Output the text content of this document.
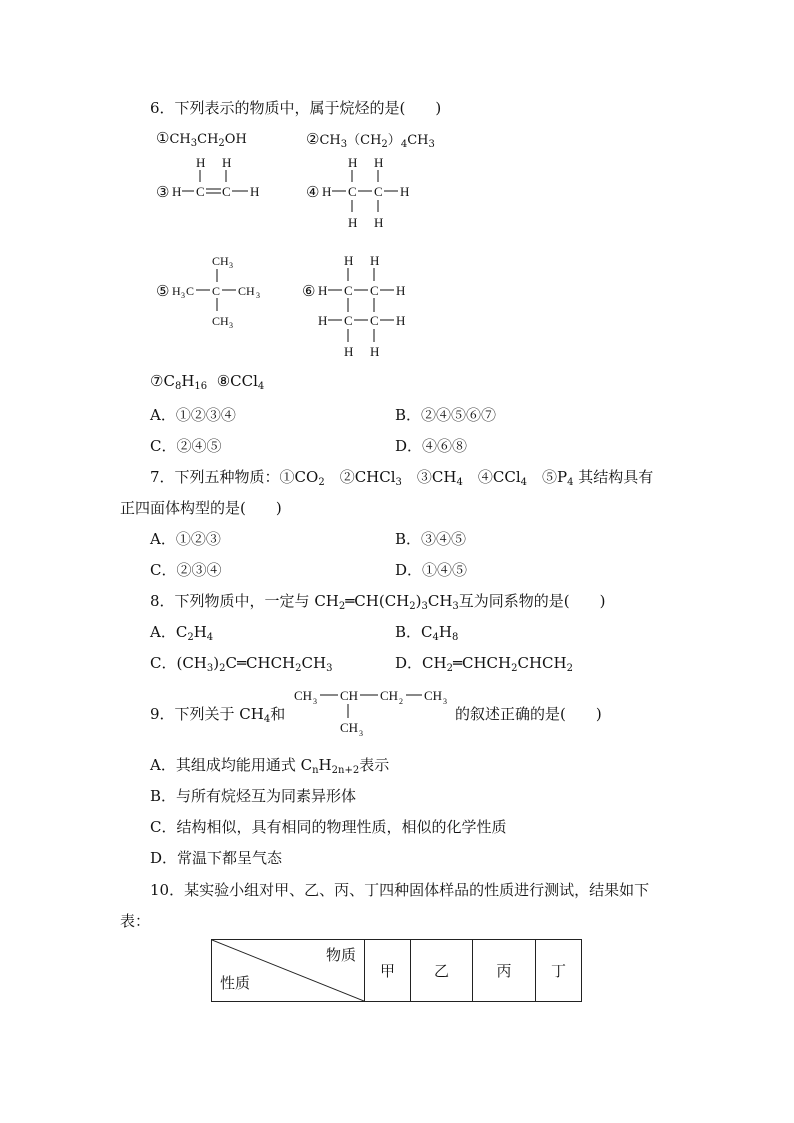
6．下列表示的物质中，属于烷烃的是(　　)
$①CH_3CH_2OH$	$②CH_3(CH_2)_4CH_3$
③
H H
H C C H	④
H H
H C C H
H H
⑤
CH 3
H 3 C C CH 3
CH 3
⑥
H H
H C C H
H C C H
H H
$⑦C_8H_{16}$ ⑧CCl$_4$
A．①②③④	B．②④⑤⑥⑦
C．②④⑤	D．④⑥⑧
7．下列五种物质：$①CO_2$　②CHCl$_3$　$③CH_4$　④CCl$_4$　$⑤P_4$ 其结构具有
正四面体构型的是(　　)
A．①②③	B．③④⑤
C．②③④	D．①④⑤
8．下列物质中，一定与 $CH_2═CH(CH_2)_3CH_3$互为同系物的是(　　)
A．$C_2H_4$	B．$C_4H_8$
C．$(CH_3)_2C═CHCH_2CH_3$	D．$CH_2═CHCH_2CHCH_2$
9．下列关于 $CH_4$和
CH 3 CH CH 2 CH 3
CH 3
的叙述正确的是(　　)
A．其组成均能用通式 $C_nH_{2n+2}$表示
B．与所有烷烃互为同素异形体
C．结构相似，具有相同的物理性质，相似的化学性质
D．常温下都呈气态
10．某实验小组对甲、乙、丙、丁四种固体样品的性质进行测试，结果如下
表：
物质
性质
	甲	乙	丙	丁
